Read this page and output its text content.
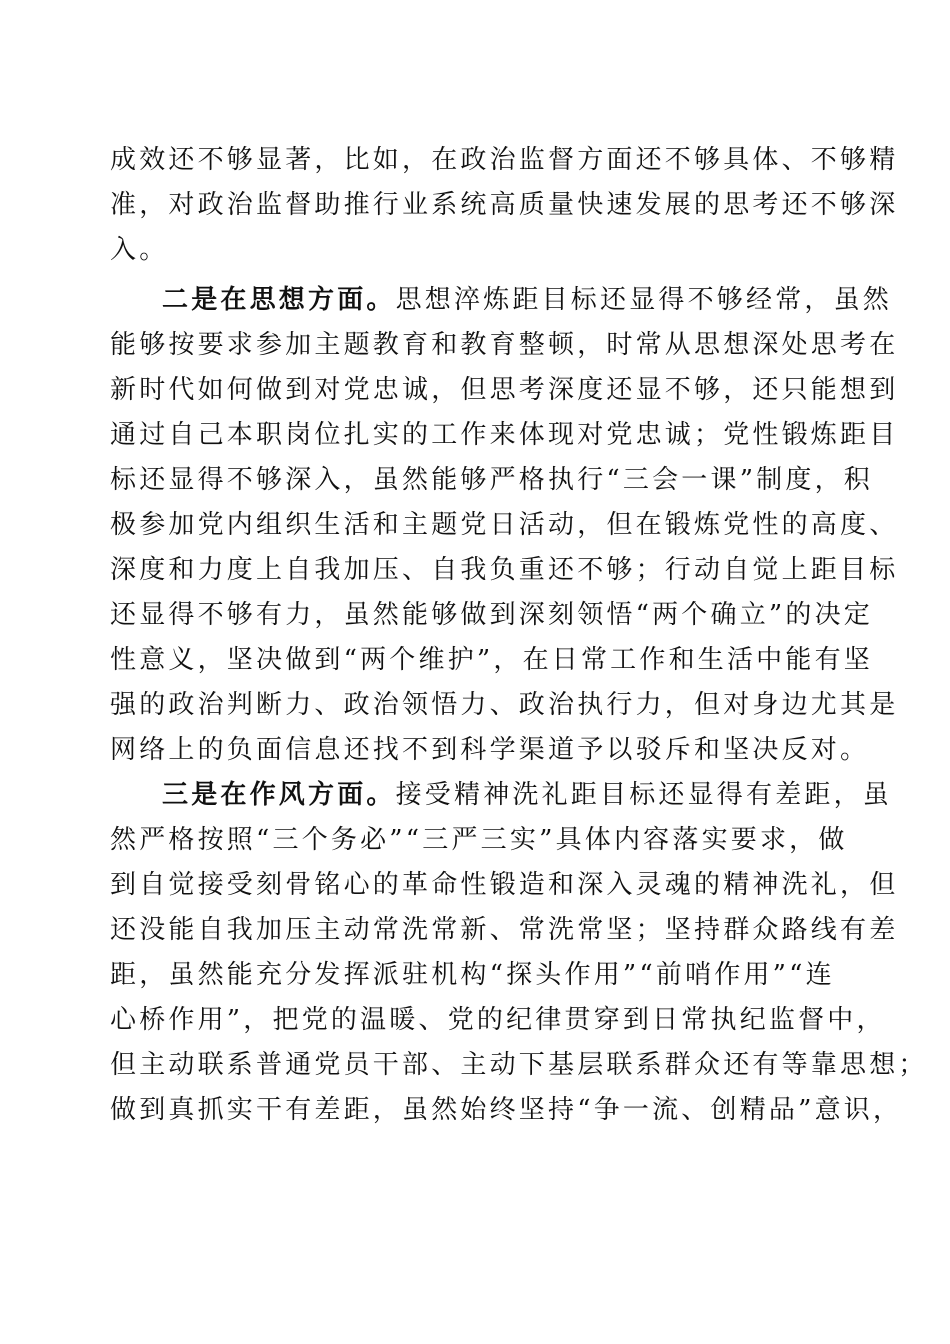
成效还不够显著，比如，在政治监督方面还不够具体、不够精
准，对政治监督助推行业系统高质量快速发展的思考还不够深
入。
二是在思想方面。思想淬炼距目标还显得不够经常，虽然
能够按要求参加主题教育和教育整顿，时常从思想深处思考在
新时代如何做到对党忠诚，但思考深度还显不够，还只能想到
通过自己本职岗位扎实的工作来体现对党忠诚；党性锻炼距目
标还显得不够深入，虽然能够严格执行“三会一课”制度，积
极参加党内组织生活和主题党日活动，但在锻炼党性的高度、
深度和力度上自我加压、自我负重还不够；行动自觉上距目标
还显得不够有力，虽然能够做到深刻领悟“两个确立”的决定
性意义，坚决做到“两个维护”，在日常工作和生活中能有坚
强的政治判断力、政治领悟力、政治执行力，但对身边尤其是
网络上的负面信息还找不到科学渠道予以驳斥和坚决反对。
三是在作风方面。接受精神洗礼距目标还显得有差距，虽
然严格按照“三个务必”“三严三实”具体内容落实要求，做
到自觉接受刻骨铭心的革命性锻造和深入灵魂的精神洗礼，但
还没能自我加压主动常洗常新、常洗常坚；坚持群众路线有差
距，虽然能充分发挥派驻机构“探头作用”“前哨作用”“连
心桥作用”，把党的温暖、党的纪律贯穿到日常执纪监督中，
但主动联系普通党员干部、主动下基层联系群众还有等靠思想；
做到真抓实干有差距，虽然始终坚持“争一流、创精品”意识，
